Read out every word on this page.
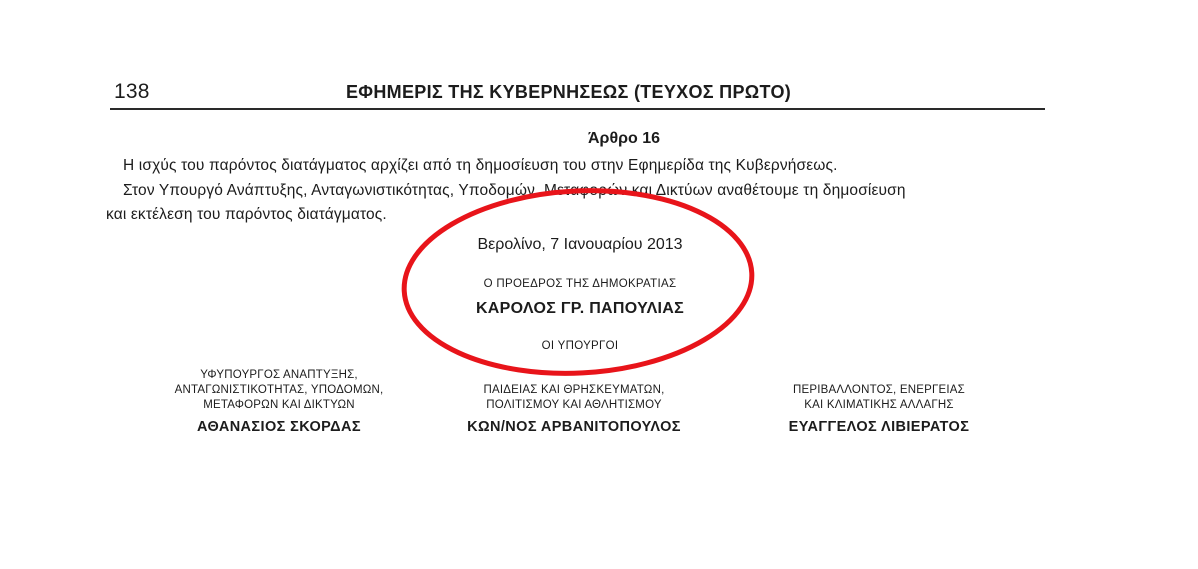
138	ΕΦΗΜΕΡΙΣ ΤΗΣ ΚΥΒΕΡΝΗΣΕΩΣ (ΤΕΥΧΟΣ ΠΡΩΤΟ)
Άρθρο 16
Η ισχύς του παρόντος διατάγματος αρχίζει από τη δημοσίευση του στην Εφημερίδα της Κυβερνήσεως.
Στον Υπουργό Ανάπτυξης, Ανταγωνιστικότητας, Υποδομών, Μεταφορών και Δικτύων αναθέτουμε τη δημοσίευση
και εκτέλεση του παρόντος διατάγματος.
Βερολίνο, 7 Ιανουαρίου 2013
Ο ΠΡΟΕΔΡΟΣ ΤΗΣ ΔΗΜΟΚΡΑΤΙΑΣ
ΚΑΡΟΛΟΣ ΓΡ. ΠΑΠΟΥΛΙΑΣ
ΟΙ ΥΠΟΥΡΓΟΙ
ΥΦΥΠΟΥΡΓΟΣ ΑΝΑΠΤΥΞΗΣ,
ΑΝΤΑΓΩΝΙΣΤΙΚΟΤΗΤΑΣ, ΥΠΟΔΟΜΩΝ,
ΜΕΤΑΦΟΡΩΝ ΚΑΙ ΔΙΚΤΥΩΝ
ΑΘΑΝΑΣΙΟΣ ΣΚΟΡΔΑΣ
ΠΑΙΔΕΙΑΣ ΚΑΙ ΘΡΗΣΚΕΥΜΑΤΩΝ,
ΠΟΛΙΤΙΣΜΟΥ ΚΑΙ ΑΘΛΗΤΙΣΜΟΥ
ΚΩΝ/ΝΟΣ ΑΡΒΑΝΙΤΟΠΟΥΛΟΣ
ΠΕΡΙΒΑΛΛΟΝΤΟΣ, ΕΝΕΡΓΕΙΑΣ
ΚΑΙ ΚΛΙΜΑΤΙΚΗΣ ΑΛΛΑΓΗΣ
ΕΥΑΓΓΕΛΟΣ ΛΙΒΙΕΡΑΤΟΣ
